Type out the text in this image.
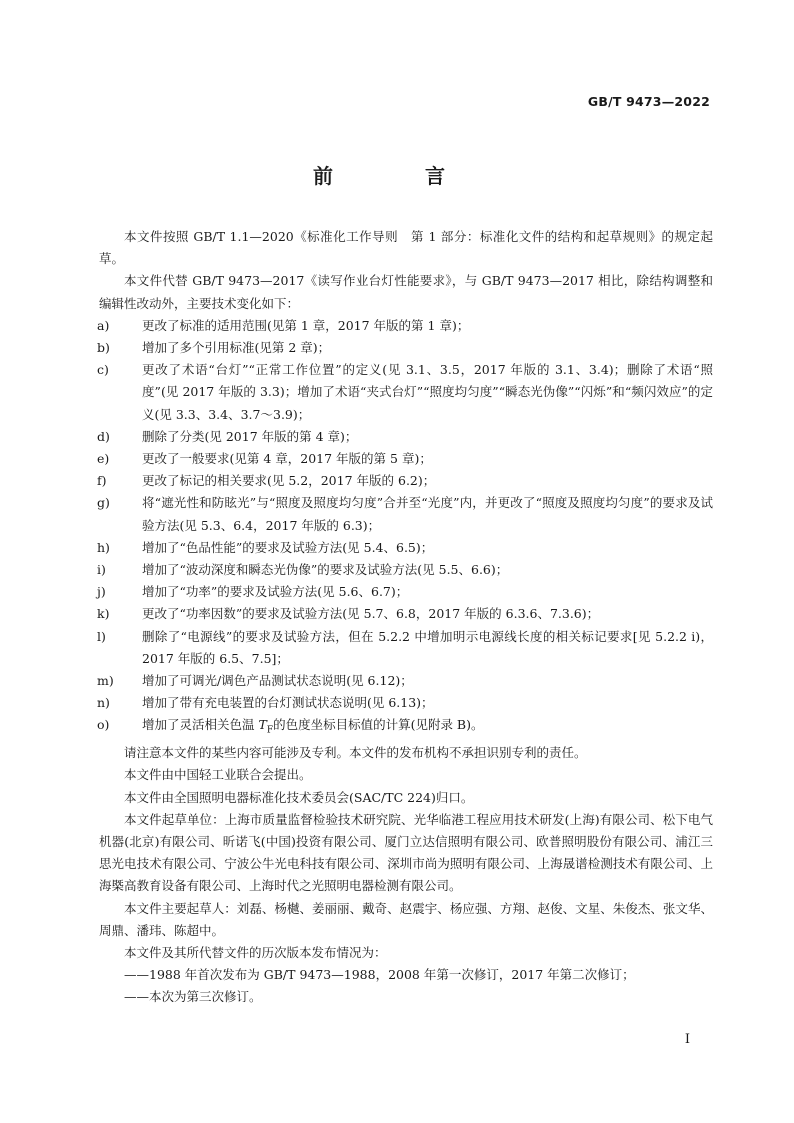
GB/T 9473—2022
前　言

本文件按照 GB/T 1.1—2020《标准化工作导则　第 1 部分：标准化文件的结构和起草规则》的规定起草。

本文件代替 GB/T 9473—2017《读写作业台灯性能要求》，与 GB/T 9473—2017 相比，除结构调整和编辑性改动外，主要技术变化如下：

a)	更改了标准的适用范围(见第 1 章，2017 年版的第 1 章)；

b)	增加了多个引用标准(见第 2 章)；

c)	更改了术语“台灯”“正常工作位置”的定义(见 3.1、3.5，2017 年版的 3.1、3.4)；删除了术语“照度”(见 2017 年版的 3.3)；增加了术语“夹式台灯”“照度均匀度”“瞬态光伪像”“闪烁”和“频闪效应”的定义(见 3.3、3.4、3.7～3.9)；

d)	删除了分类(见 2017 年版的第 4 章)；

e)	更改了一般要求(见第 4 章，2017 年版的第 5 章)；

f)	更改了标记的相关要求(见 5.2，2017 年版的 6.2)；

g)	将“遮光性和防眩光”与“照度及照度均匀度”合并至“光度”内，并更改了“照度及照度均匀度”的要求及试验方法(见 5.3、6.4，2017 年版的 6.3)；

h)	增加了“色品性能”的要求及试验方法(见 5.4、6.5)；

i)	增加了“波动深度和瞬态光伪像”的要求及试验方法(见 5.5、6.6)；

j)	增加了“功率”的要求及试验方法(见 5.6、6.7)；

k)	更改了“功率因数”的要求及试验方法(见 5.7、6.8，2017 年版的 6.3.6、7.3.6)；

l)	删除了“电源线”的要求及试验方法，但在 5.2.2 中增加明示电源线长度的相关标记要求[见 5.2.2 i)，2017 年版的 6.5、7.5]；

m) 增加了可调光/调色产品测试状态说明(见 6.12)；

n)	增加了带有充电装置的台灯测试状态说明(见 6.13)；

o)	增加了灵活相关色温 $T_F$的色度坐标目标值的计算(见附录 B)。

请注意本文件的某些内容可能涉及专利。本文件的发布机构不承担识别专利的责任。

本文件由中国轻工业联合会提出。

本文件由全国照明电器标准化技术委员会(SAC/TC 224)归口。

本文件起草单位：上海市质量监督检验技术研究院、光华临港工程应用技术研发(上海)有限公司、松下电气机器(北京)有限公司、昕诺飞(中国)投资有限公司、厦门立达信照明有限公司、欧普照明股份有限公司、浦江三思光电技术有限公司、宁波公牛光电科技有限公司、深圳市尚为照明有限公司、上海晟谱检测技术有限公司、上海槩高教育设备有限公司、上海时代之光照明电器检测有限公司。

本文件主要起草人：刘磊、杨樾、姜丽丽、戴奇、赵震宇、杨应强、方翔、赵俊、文星、朱俊杰、张文华、周鼎、潘玮、陈超中。

本文件及其所代替文件的历次版本发布情况为：

——1988 年首次发布为 GB/T 9473—1988，2008 年第一次修订，2017 年第二次修订；

——本次为第三次修订。

I
